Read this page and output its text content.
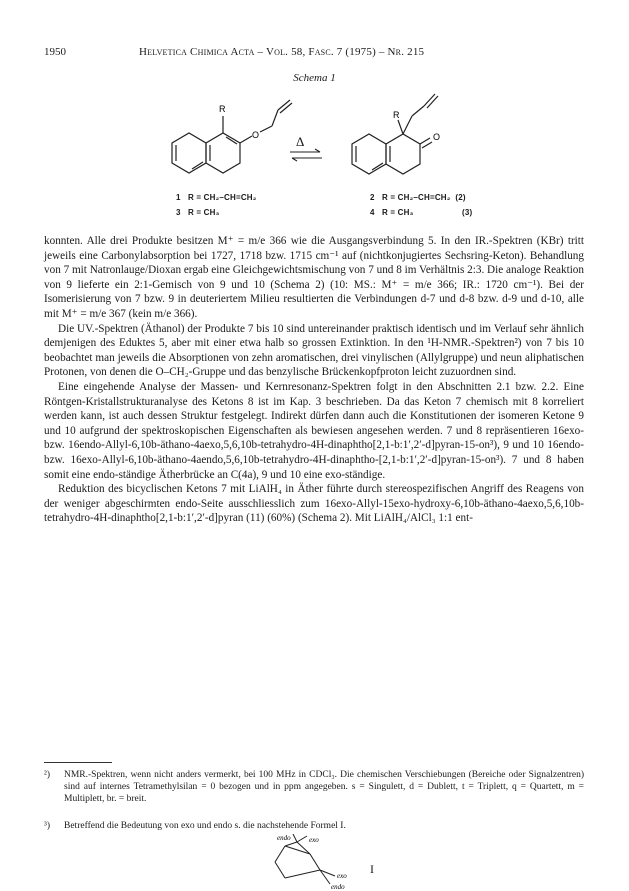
1950	Helvetica Chimica Acta – Vol. 58, Fasc. 7 (1975) – Nr. 215
Schema 1
R
O	Δ
R
O
1 R = CH₂–CH=CH₂
3 R = CH₃
2 R = CH₂–CH=CH₂ (2)
4 R = CH₃	(3)

konnten. Alle drei Produkte besitzen M⁺ = m/e 366 wie die Ausgangsverbindung 5. In den IR.-Spektren (KBr) tritt jeweils eine Carbonylabsorption bei 1727, 1718 bzw. 1715 cm⁻¹ auf (nichtkonjugiertes Sechsring-Keton). Behandlung von 7 mit Natronlauge/Dioxan ergab eine Gleichgewichtsmischung von 7 und 8 im Verhältnis 2:3. Die analoge Reaktion von 9 lieferte ein 2:1-Gemisch von 9 und 10 (Schema 2) (10: MS.: M⁺ = m/e 366; IR.: 1720 cm⁻¹). Bei der Isomerisierung von 7 bzw. 9 in deuteriertem Milieu resultierten die Verbindungen d-7 und d-8 bzw. d-9 und d-10, alle mit M⁺ = m/e 367 (kein m/e 366).

Die UV.-Spektren (Äthanol) der Produkte 7 bis 10 sind untereinander praktisch identisch und im Verlauf sehr ähnlich demjenigen des Eduktes 5, aber mit einer etwa halb so grossen Extinktion. In den ¹H-NMR.-Spektren²) von 7 bis 10 beobachtet man jeweils die Absorptionen von zehn aromatischen, drei vinylischen (Allylgruppe) und neun aliphatischen Protonen, von denen die O–CH₂-Gruppe und das benzylische Brückenkopfproton leicht zuzuordnen sind.

Eine eingehende Analyse der Massen- und Kernresonanz-Spektren folgt in den Abschnitten 2.1 bzw. 2.2. Eine Röntgen-Kristallstrukturanalyse des Ketons 8 ist im Kap. 3 beschrieben. Da das Keton 7 chemisch mit 8 korreliert werden kann, ist auch dessen Struktur festgelegt. Indirekt dürfen dann auch die Konstitutionen der isomeren Ketone 9 und 10 aufgrund der spektroskopischen Eigenschaften als bewiesen angesehen werden. 7 und 8 repräsentieren 16exo- bzw. 16endo-Allyl-6,10b-äthano-4aexo,5,6,10b-tetrahydro-4H-dinaphtho[2,1-b:1′,2′-d]pyran-15-on³), 9 und 10 16endo- bzw. 16exo-Allyl-6,10b-äthano-4aendo,5,6,10b-tetrahydro-4H-dinaphtho-[2,1-b:1′,2′-d]pyran-15-on³). 7 und 8 haben somit eine endo-ständige Ätherbrücke an C(4a), 9 und 10 eine exo-ständige.

Reduktion des bicyclischen Ketons 7 mit LiAlH₄ in Äther führte durch stereospezifischen Angriff des Reagens von der weniger abgeschirmten endo-Seite ausschliesslich zum 16exo-Allyl-15exo-hydroxy-6,10b-äthano-4aexo,5,6,10b-tetrahydro-4H-dinaphtho[2,1-b:1′,2′-d]pyran (11) (60%) (Schema 2). Mit LiAlH₄/AlCl₃ 1:1 ent-

²) NMR.-Spektren, wenn nicht anders vermerkt, bei 100 MHz in CDCl₃. Die chemischen Verschiebungen (Bereiche oder Signalzentren) sind auf internes Tetramethylsilan = 0 bezogen und in ppm angegeben. s = Singulett, d = Dublett, t = Triplett, q = Quartett, m = Multiplett, br. = breit.
³) Betreffend die Bedeutung von exo und endo s. die nachstehende Formel I.
endo	exo
exo
endo
I
